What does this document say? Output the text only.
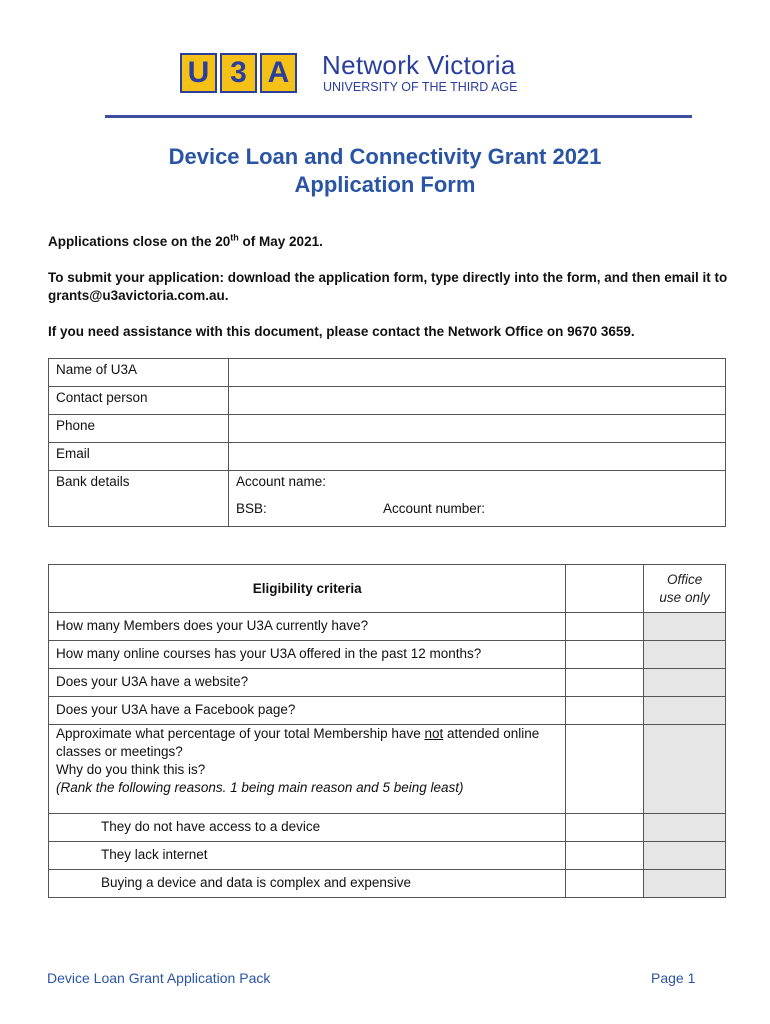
U 3 A Network Victoria
UNIVERSITY OF THE THIRD AGE
Device Loan and Connectivity Grant 2021
Application Form
Applications close on the 20th of May 2021.
To submit your application: download the application form, type directly into the form, and then email it to grants@u3avictoria.com.au.
If you need assistance with this document, please contact the Network Office on 9670 3659.
Name of U3A	
Contact person	
Phone	
Email	
Bank details	Account name:
BSB: Account number:
Eligibility criteria		Office
use only

How many Members does your U3A currently have?		
How many online courses has your U3A offered in the past 12 months?		
Does your U3A have a website?		
Does your U3A have a Facebook page?		

Approximate what percentage of your total Membership have not attended online classes or meetings?
Why do you think this is?
(Rank the following reasons. 1 being main reason and 5 being least)		

They do not have access to a device		
They lack internet		
Buying a device and data is complex and expensive		
Device Loan Grant Application Pack	Page 1
